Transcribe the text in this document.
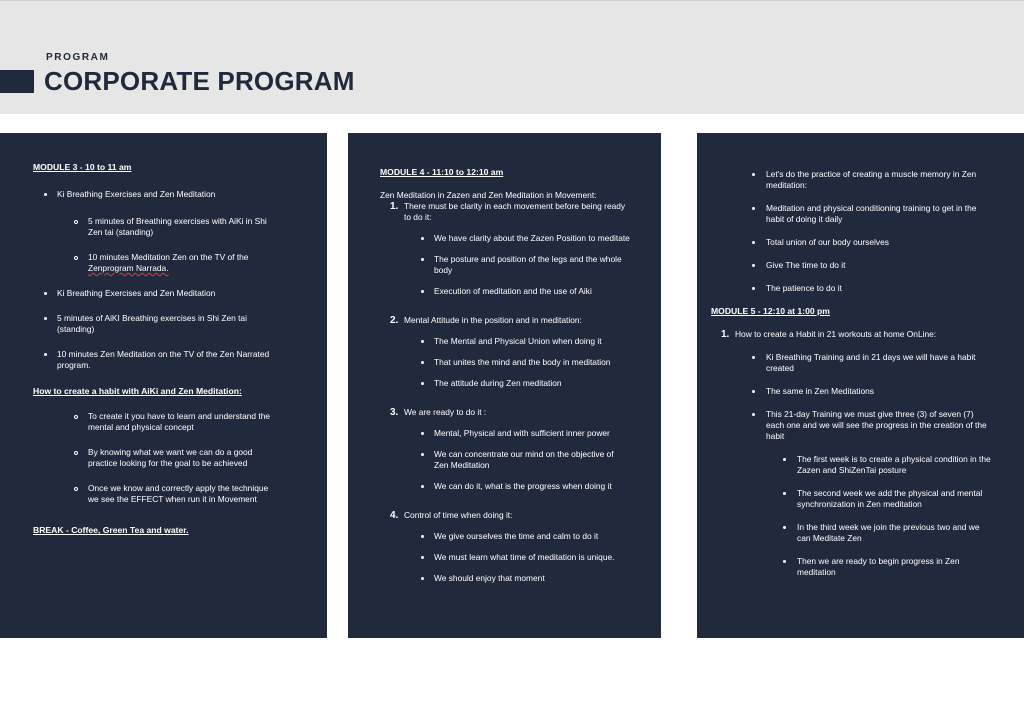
PROGRAM
CORPORATE PROGRAM
MODULE 3 - 10 to 11 am
Ki Breathing Exercises and Zen Meditation
5 minutes of Breathing exercises with AiKi in Shi
Zen tai (standing)
10 minutes Meditation Zen on the TV of the
Zenprogram Narrada.
Ki Breathing Exercises and Zen Meditation
5 minutes of AiKI Breathing exercises in Shi Zen tai
(standing)
10 minutes Zen Meditation on the TV of the Zen Narrated
program.
How to create a habit with AiKi and Zen Meditation:
To create it you have to learn and understand the
mental and physical concept
By knowing what we want we can do a good
practice looking for the goal to be achieved
Once we know and correctly apply the technique
we see the EFFECT when run it in Movement
BREAK - Coffee, Green Tea and water.
MODULE 4 - 11:10 to 12:10 am
Zen Meditation in Zazen and Zen Meditation in Movement:
1. There must be clarity in each movement before being ready
to do it:
We have clarity about the Zazen Position to meditate
The posture and position of the legs and the whole
body
Execution of meditation and the use of Aiki
2. Mental Attitude in the position and in meditation:
The Mental and Physical Union when doing it
That unites the mind and the body in meditation
The attitude during Zen meditation
3. We are ready to do it :
Mental, Physical and with sufficient inner power
We can concentrate our mind on the objective of
Zen Meditation
We can do it, what is the progress when doing it
4. Control of time when doing it:
We give ourselves the time and calm to do it
We must learn what time of meditation is unique.
We should enjoy that moment
Let's do the practice of creating a muscle memory in Zen
meditation:
Meditation and physical conditioning training to get in the
habit of doing it daily
Total union of our body ourselves
Give The time to do it
The patience to do it
MODULE 5 - 12:10 at 1:00 pm
1. How to create a Habit in 21 workouts at home OnLine:
Ki Breathing Training and in 21 days we will have a habit
created
The same in Zen Meditations
This 21-day Training we must give three (3) of seven (7)
each one and we will see the progress in the creation of the
habit
The first week is to create a physical condition in the
Zazen and ShiZenTai posture
The second week we add the physical and mental
synchronization in Zen meditation
In the third week we join the previous two and we
can Meditate Zen
Then we are ready to begin progress in Zen
meditation
